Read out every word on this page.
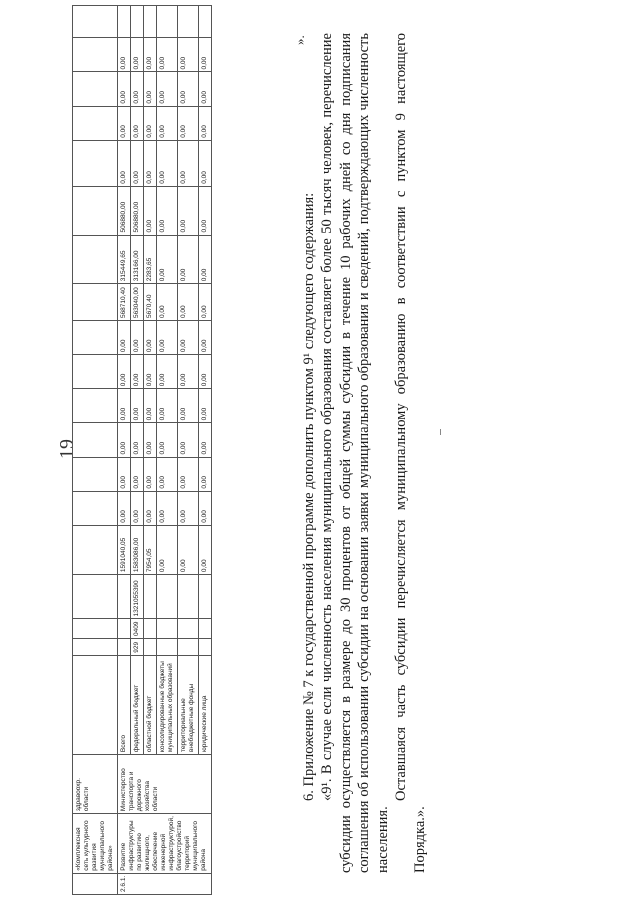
19
	«Комплексная сеть культурного развития муниципального района»	здравоохр. области																			
2.6.1.	Развитие инфраструктуры по развитию жилищного, обеспечение инженерной инфраструктурой, благоустройство территорий муниципального района	Министерство транспорта и дорожного хозяйства области	Всего				1591040,05	0,00	0,00	0,00	0,00	0,00	0,00	568710,40	315449,65	506880,00	0,00	0,00	0,00	0,00	
			федеральный бюджет	929	0409	1321055390	1583086,00	0,00	0,00	0,00	0,00	0,00	0,00	563040,00	313166,00	506880,00	0,00	0,00	0,00	0,00	
			областной бюджет				7954,05	0,00	0,00	0,00	0,00	0,00	0,00	5670,40	2283,65	0,00	0,00	0,00	0,00	0,00	
			консолидированные бюджеты муниципальных образований				0,00	0,00	0,00	0,00	0,00	0,00	0,00	0,00	0,00	0,00	0,00	0,00	0,00	0,00	
			территориальные внебюджетные фонды				0,00	0,00	0,00	0,00	0,00	0,00	0,00	0,00	0,00	0,00	0,00	0,00	0,00	0,00	
			юридические лица				0,00	0,00	0,00	0,00	0,00	0,00	0,00	0,00	0,00	0,00	0,00	0,00	0,00	0,00	
».
6. Приложение № 7 к государственной программе дополнить пунктом 9¹ следующего содержания: «9¹. В случае если численность населения муниципального образования составляет более 50 тысяч человек, перечисление субсидии осуществляется в размере до 30 процентов от общей суммы субсидии в течение 10 рабочих дней со дня подписания соглашения об использовании субсидии на основании заявки муниципального образования и сведений, подтверждающих численность населения.
Оставшаяся часть субсидии перечисляется муниципальному образованию в соответствии с пунктом 9 настоящего Порядка.».
